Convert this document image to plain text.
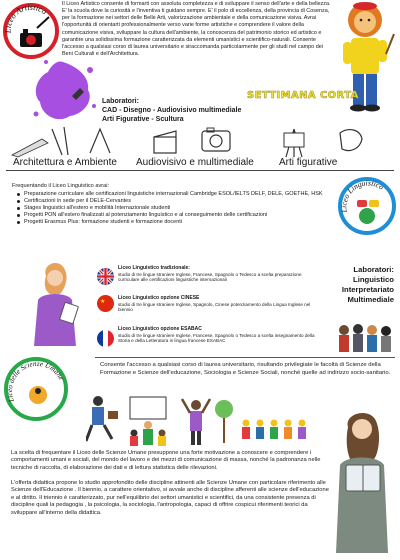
Liceo Artistico
Il Liceo Artistico consente di formarti con assoluta completezza e di sviluppare il senso dell'arte e della bellezza. E' la scuola dove la curiosità e l'inventiva ti guidano sempre. E' il polo di eccellenza, della provincia di Cosenza, per la formazione nei settori delle Belle Arti, valorizzazione ambientale e della comunicazione visiva. Avrai l'opportunità di orientarti professionalmente verso varie forme artistiche e comprendere il valore della comunicazione visiva, sviluppare la cultura dell'ambiente, la conoscenza del patrimonio storico ed artistico e garantire una solidissima formazione caratterizzata da elementi umanistici e scientifico-naturali. Consente l'accesso a qualsiasi corso di laurea universitario e siraccomanda particolarmente per gli studi nel campo dei Beni Culturali e dell'Architettura.
Laboratori:
CAD - Disegno - Audiovisivo multimediale
Arti Figurative - Scultura
SETTIMANA CORTA
Architettura e Ambiente Audiovisivo e multimediale	Arti figurative
Frequentando il Liceo Linguistico avrai:
Preparazione curriculare alle certificazioni linguistiche internazionali Cambridge ESOL/IELTS DELF, DELE, GOETHE, HSK
Certificazioni in sede per il DELE-Cervantes
Stages linguistici all'estero e mobilità Internazionale studenti
Progetti PON all'estero finalizzati al potenziamento linguistico e al conseguimento delle certificazioni
Progetti Erasmus Plus: formazione studenti e formazione docenti
Liceo Linguistico
Liceo Linguistico tradizionale:
studio di tre lingue straniere Inglese, Francese, Spagnolo o Tedesco a scelta preparazione curriculare alle certificazioni linguistiche internazionali
★	Liceo Linguistico opzione CINESE
studio di tre lingue straniere Inglese, Spagnolo, Cinese potenziamento della Lingua Inglese nel biennio
Liceo Linguistico opzione ESABAC
studio di tre lingue straniere Inglese, Francese, Spagnolo o Tedesco a scelta insegnamento della Storia e della Letteratura in lingua francese ESABAC
Laboratori:
Linguistico
Interpretariato
Multimediale
Liceo delle Scienze Umane
Consente l'accesso a qualsiasi corso di laurea universitario, risultando privilegiate le facoltà di Scienze della Formazione e Scienze dell'educazione, Sociologia e Scienze Sociali, nonché quelle ad indirizzo socio-sanitario.
La scelta di frequentare il Liceo delle Scienze Umane presuppone una forte motivazione a conoscere e comprendere i comportamenti umani e sociali, del mondo del lavoro e dei mezzi di comunicazione di massa, nonché la padronanza nelle tecniche di raccolta, di elaborazione dei dati e di lettura statistica delle rilevazioni.
L'offerta didattica propone lo studio approfondito delle discipline attinenti alle Scienze Umane con particolare riferimento alle Scienze dell'Educazione . Il biennio, a carattere orientativo, si avvale anche di discipline afferenti alle scienze dell'educazione e al diritto. Il triennio è caratterizzato, pur nell'equilibrio dei settori umanistici e scientifici, da una consistente presenza di discipline quali la pedagogia , la psicologia, la sociologia, l'antropologia, capaci di offrire cospicui riferimenti teorici da sviluppare all'interno della didattica.
